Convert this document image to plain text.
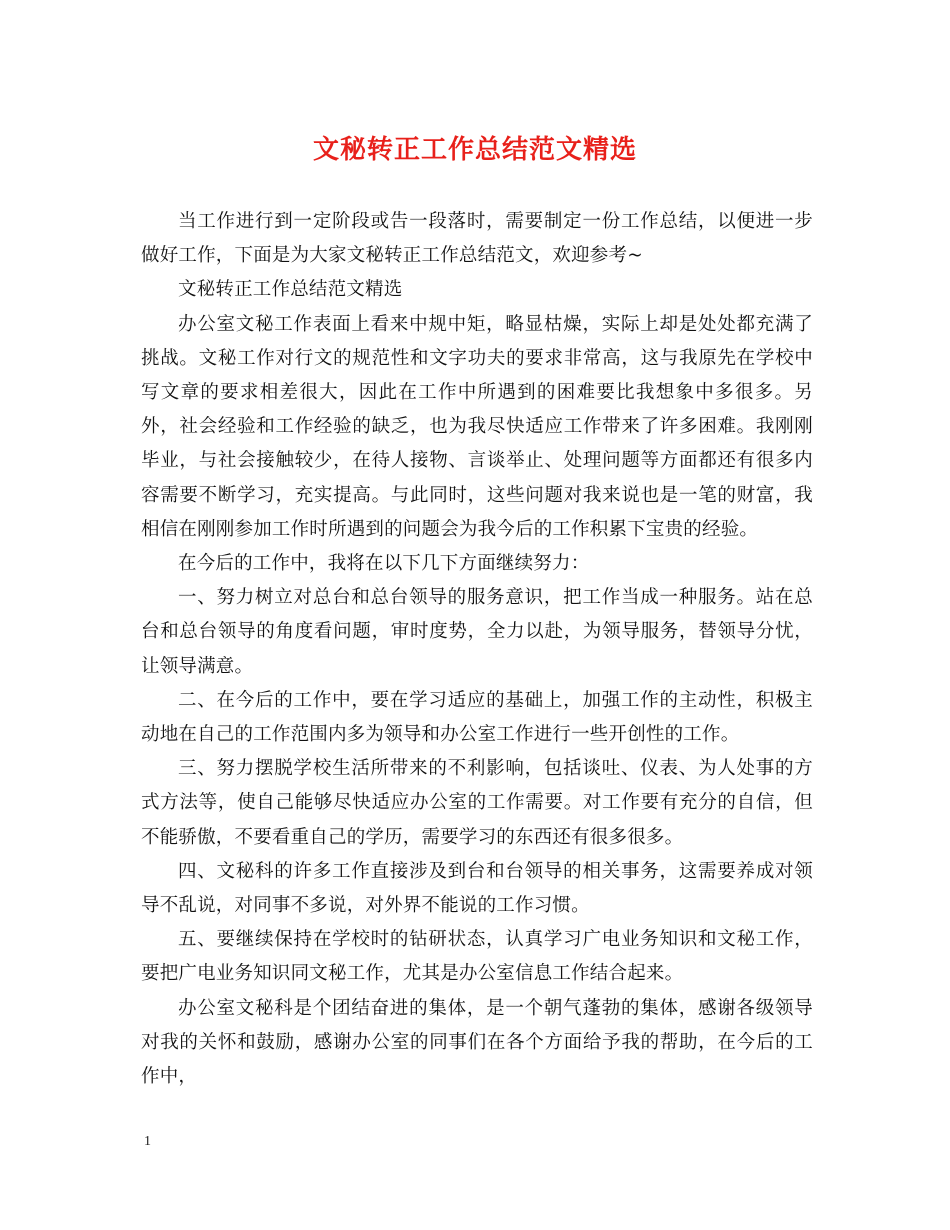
文秘转正工作总结范文精选

当工作进行到一定阶段或告一段落时，需要制定一份工作总结，以便进一步做好工作，下面是为大家文秘转正工作总结范文，欢迎参考~

文秘转正工作总结范文精选

办公室文秘工作表面上看来中规中矩，略显枯燥，实际上却是处处都充满了挑战。文秘工作对行文的规范性和文字功夫的要求非常高，这与我原先在学校中写文章的要求相差很大，因此在工作中所遇到的困难要比我想象中多很多。另外，社会经验和工作经验的缺乏，也为我尽快适应工作带来了许多困难。我刚刚毕业，与社会接触较少，在待人接物、言谈举止、处理问题等方面都还有很多内容需要不断学习，充实提高。与此同时，这些问题对我来说也是一笔的财富，我相信在刚刚参加工作时所遇到的问题会为我今后的工作积累下宝贵的经验。

在今后的工作中，我将在以下几下方面继续努力：

一、努力树立对总台和总台领导的服务意识，把工作当成一种服务。站在总台和总台领导的角度看问题，审时度势，全力以赴，为领导服务，替领导分忧，让领导满意。

二、在今后的工作中，要在学习适应的基础上，加强工作的主动性，积极主动地在自己的工作范围内多为领导和办公室工作进行一些开创性的工作。

三、努力摆脱学校生活所带来的不利影响，包括谈吐、仪表、为人处事的方式方法等，使自己能够尽快适应办公室的工作需要。对工作要有充分的自信，但不能骄傲，不要看重自己的学历，需要学习的东西还有很多很多。

四、文秘科的许多工作直接涉及到台和台领导的相关事务，这需要养成对领导不乱说，对同事不多说，对外界不能说的工作习惯。

五、要继续保持在学校时的钻研状态，认真学习广电业务知识和文秘工作，要把广电业务知识同文秘工作，尤其是办公室信息工作结合起来。

办公室文秘科是个团结奋进的集体，是一个朝气蓬勃的集体，感谢各级领导对我的关怀和鼓励，感谢办公室的同事们在各个方面给予我的帮助，在今后的工作中，

1
